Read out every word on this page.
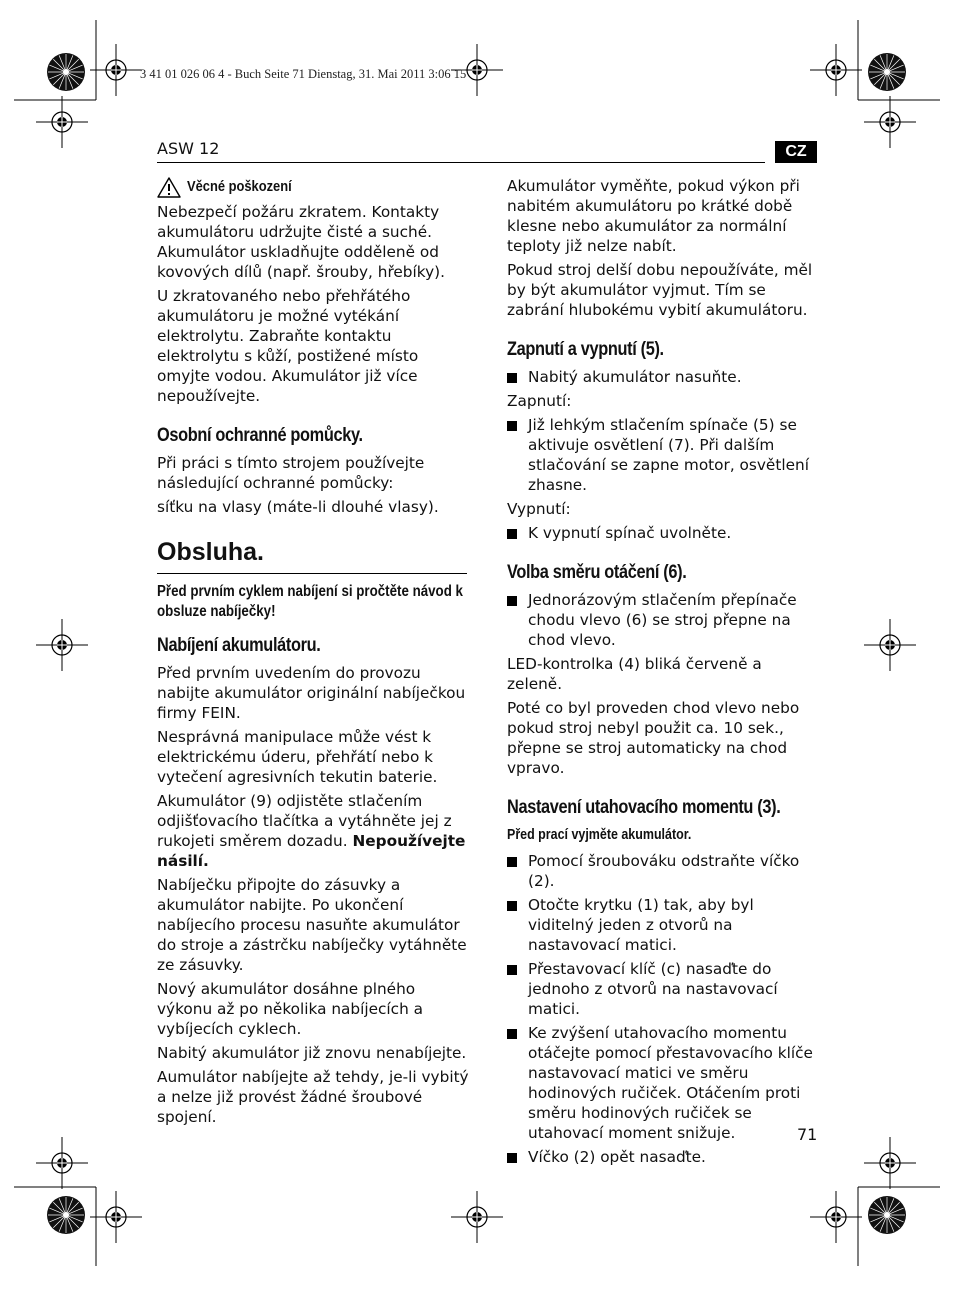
3 41 01 026 06 4 - Buch Seite 71 Dienstag, 31. Mai 2011 3:06 15
ASW 12	CZ
Věcné poškození

Nebezpečí požáru zkratem. Kontakty akumulátoru udržujte čisté a suché. Akumulátor uskladňujte odděleně od kovových dílů (např. šrouby, hřebíky).

U zkratovaného nebo přehřátého akumulátoru je možné vytékání elektrolytu. Zabraňte kontaktu elektrolytu s kůží, postižené místo omyjte vodou. Akumulátor již více nepoužívejte.

Osobní ochranné pomůcky.

Při práci s tímto strojem používejte následující ochranné pomůcky:

síťku na vlasy (máte-li dlouhé vlasy).

Obsluha.
Před prvním cyklem nabíjení si pročtěte návod k obsluze nabíječky!
Nabíjení akumulátoru.

Před prvním uvedením do provozu nabijte akumulátor originální nabíječkou firmy FEIN.

Nesprávná manipulace může vést k elektrickému úderu, přehřátí nebo k vytečení agresivních tekutin baterie.

Akumulátor (9) odjistěte stlačením odjišťovacího tlačítka a vytáhněte jej z rukojeti směrem dozadu. Nepoužívejte násilí.

Nabíječku připojte do zásuvky a akumulátor nabijte. Po ukončení nabíjecího procesu nasuňte akumulátor do stroje a zástrčku nabíječky vytáhněte ze zásuvky.

Nový akumulátor dosáhne plného výkonu až po několika nabíjecích a vybíjecích cyklech.

Nabitý akumulátor již znovu nenabíjejte.

Aumulátor nabíjejte až tehdy, je-li vybitý a nelze již provést žádné šroubové spojení.

Akumulátor vyměňte, pokud výkon při nabitém akumulátoru po krátké době klesne nebo akumulátor za normální teploty již nelze nabít.

Pokud stroj delší dobu nepoužíváte, měl by být akumulátor vyjmut. Tím se zabrání hlubokému vybití akumulátoru.

Zapnutí a vypnutí (5).
Nabitý akumulátor nasuňte.

Zapnutí:

Již lehkým stlačením spínače (5) se aktivuje osvětlení (7). Při dalším stlačování se zapne motor, osvětlení zhasne.

Vypnutí:

K vypnutí spínač uvolněte.
Volba směru otáčení (6).
Jednorázovým stlačením přepínače chodu vlevo (6) se stroj přepne na chod vlevo.

LED-kontrolka (4) bliká červeně a zeleně.

Poté co byl proveden chod vlevo nebo pokud stroj nebyl použit ca. 10 sek., přepne se stroj automaticky na chod vpravo.

Nastavení utahovacího momentu (3).
Před prací vyjměte akumulátor.
Pomocí šroubováku odstraňte víčko (2).
Otočte krytku (1) tak, aby byl viditelný jeden z otvorů na nastavovací matici.
Přestavovací klíč (c) nasaďte do jednoho z otvorů na nastavovací matici.
Ke zvýšení utahovacího momentu otáčejte pomocí přestavovacího klíče nastavovací matici ve směru hodinových ručiček. Otáčením proti směru hodinových ručiček se utahovací moment snižuje.
Víčko (2) opět nasaďte.
71
